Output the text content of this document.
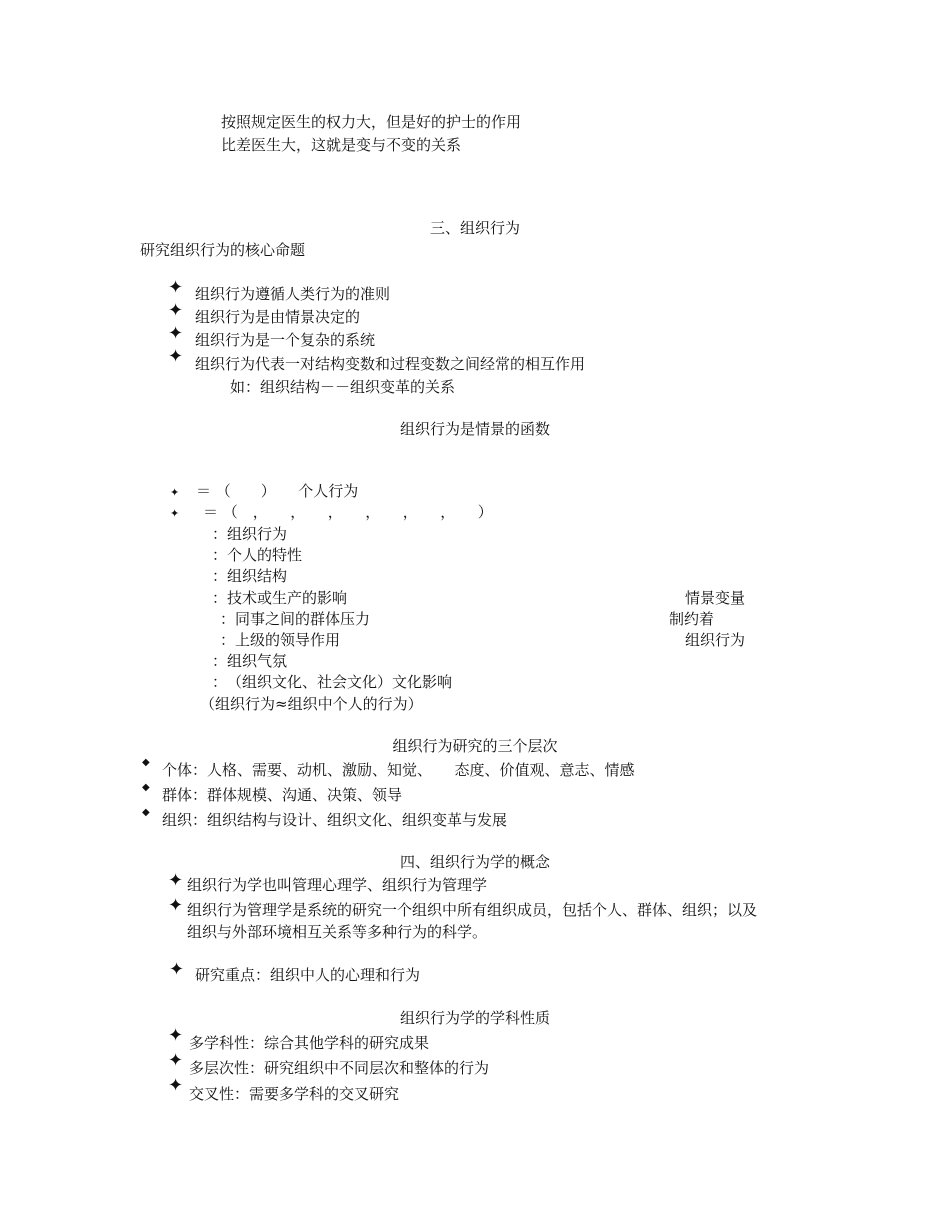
按照规定医生的权力大，但是好的护士的作用
比差医生大，这就是变与不变的关系
三、组织行为
研究组织行为的核心命题
✦ 组织行为遵循人类行为的准则
✦ 组织行为是由情景决定的
✦ 组织行为是一个复杂的系统
✦ 组织行为代表一对结构变数和过程变数之间经常的相互作用
如：组织结构－－组织变革的关系
组织行为是情景的函数
✦ ＝ （　　）　　个人行为
✦ ＝ （　，　　，　　，　　，　　，　　，　　）
：组织行为
：个人的特性
：组织结构
：技术或生产的影响
：同事之间的群体压力
：上级的领导作用
：组织气氛
：　（组织文化、社会文化）文化影响
（组织行为≈组织中个人的行为）
情景变量
制约着
组织行为
组织行为研究的三个层次
◆ 个体：人格、需要、动机、激励、知觉、　　态度、价值观、意志、情感
◆ 群体：群体规模、沟通、决策、领导
◆ 组织：组织结构与设计、组织文化、组织变革与发展
四、组织行为学的概念
✦ 组织行为学也叫管理心理学、组织行为管理学
✦ 组织行为管理学是系统的研究一个组织中所有组织成员，包括个人、群体、组织；以及
组织与外部环境相互关系等多种行为的科学。
✦ 研究重点：组织中人的心理和行为
组织行为学的学科性质
✦ 多学科性：综合其他学科的研究成果
✦ 多层次性：研究组织中不同层次和整体的行为
✦ 交叉性：需要多学科的交叉研究
